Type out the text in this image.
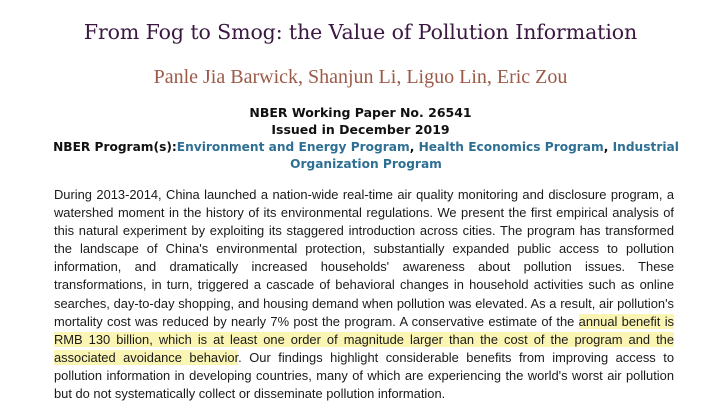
From Fog to Smog: the Value of Pollution Information
Panle Jia Barwick, Shanjun Li, Liguo Lin, Eric Zou
NBER Working Paper No. 26541
Issued in December 2019
NBER Program(s):Environment and Energy Program, Health Economics Program, Industrial Organization Program
During 2013-2014, China launched a nation-wide real-time air quality monitoring and disclosure program, a watershed moment in the history of its environmental regulations. We present the first empirical analysis of this natural experiment by exploiting its staggered introduction across cities. The program has transformed the landscape of China's environmental protection, substantially expanded public access to pollution information, and dramatically increased households' awareness about pollution issues. These transformations, in turn, triggered a cascade of behavioral changes in household activities such as online searches, day-to-day shopping, and housing demand when pollution was elevated. As a result, air pollution's mortality cost was reduced by nearly 7% post the program. A conservative estimate of the annual benefit is RMB 130 billion, which is at least one order of magnitude larger than the cost of the program and the associated avoidance behavior. Our findings highlight considerable benefits from improving access to pollution information in developing countries, many of which are experiencing the world's worst air pollution but do not systematically collect or disseminate pollution information.
